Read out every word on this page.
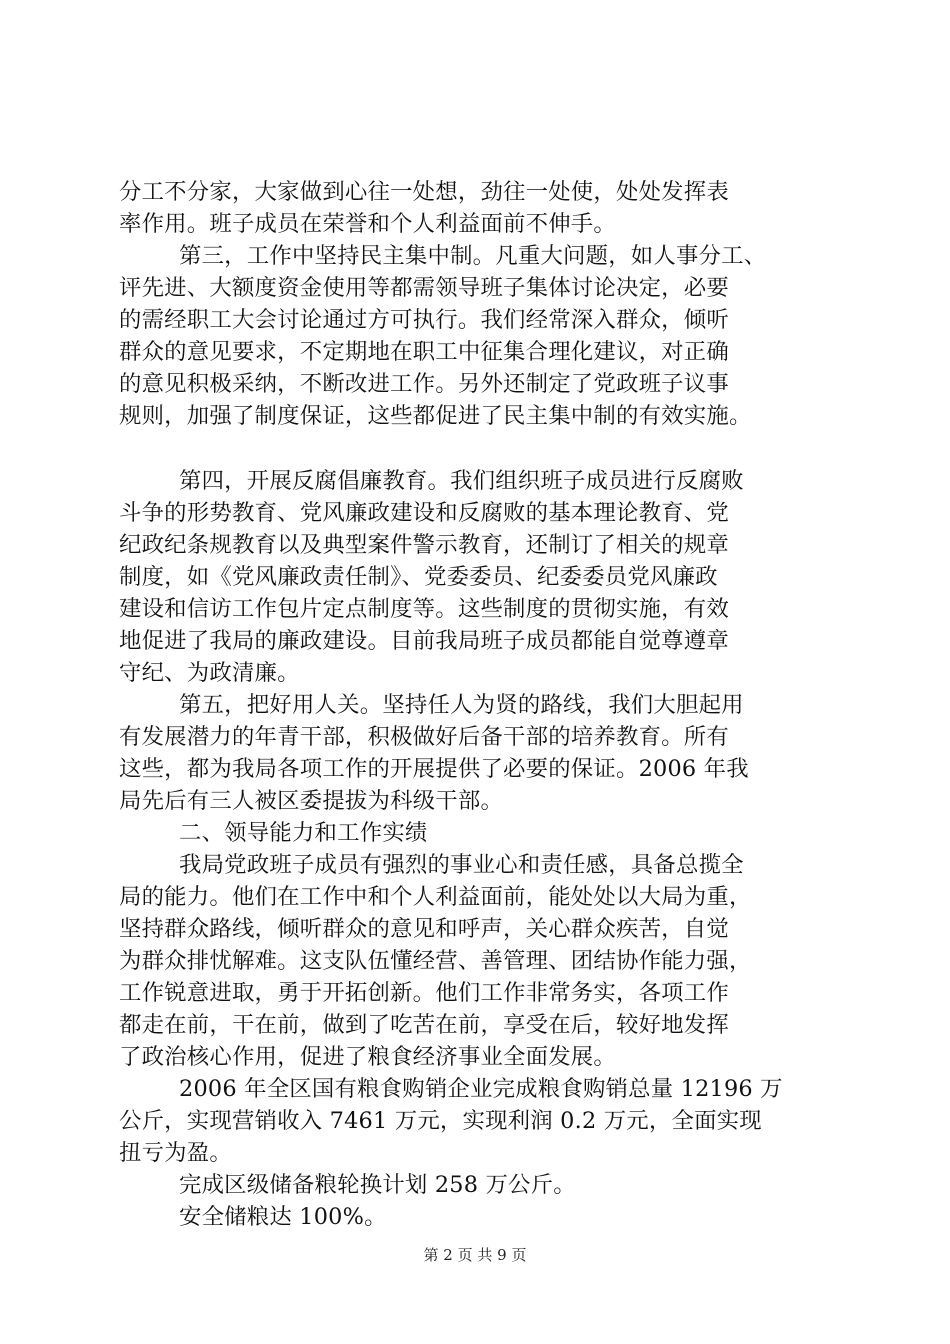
分工不分家，大家做到心往一处想，劲往一处使，处处发挥表
率作用。班子成员在荣誉和个人利益面前不伸手。
第三，工作中坚持民主集中制。凡重大问题，如人事分工、
评先进、大额度资金使用等都需领导班子集体讨论决定，必要
的需经职工大会讨论通过方可执行。我们经常深入群众，倾听
群众的意见要求，不定期地在职工中征集合理化建议，对正确
的意见积极采纳，不断改进工作。另外还制定了党政班子议事
规则，加强了制度保证，这些都促进了民主集中制的有效实施。
第四，开展反腐倡廉教育。我们组织班子成员进行反腐败
斗争的形势教育、党风廉政建设和反腐败的基本理论教育、党
纪政纪条规教育以及典型案件警示教育，还制订了相关的规章
制度，如《党风廉政责任制》、党委委员、纪委委员党风廉政
建设和信访工作包片定点制度等。这些制度的贯彻实施，有效
地促进了我局的廉政建设。目前我局班子成员都能自觉尊遵章
守纪、为政清廉。
第五，把好用人关。坚持任人为贤的路线，我们大胆起用
有发展潜力的年青干部，积极做好后备干部的培养教育。所有
这些，都为我局各项工作的开展提供了必要的保证。2006 年我
局先后有三人被区委提拔为科级干部。
二、领导能力和工作实绩
我局党政班子成员有强烈的事业心和责任感，具备总揽全
局的能力。他们在工作中和个人利益面前，能处处以大局为重，
坚持群众路线，倾听群众的意见和呼声，关心群众疾苦，自觉
为群众排忧解难。这支队伍懂经营、善管理、团结协作能力强，
工作锐意进取，勇于开拓创新。他们工作非常务实，各项工作
都走在前，干在前，做到了吃苦在前，享受在后，较好地发挥
了政治核心作用，促进了粮食经济事业全面发展。
2006 年全区国有粮食购销企业完成粮食购销总量 12196 万
公斤，实现营销收入 7461 万元，实现利润 0.2 万元，全面实现
扭亏为盈。
完成区级储备粮轮换计划 258 万公斤。
安全储粮达 100%。
第 2 页 共 9 页
